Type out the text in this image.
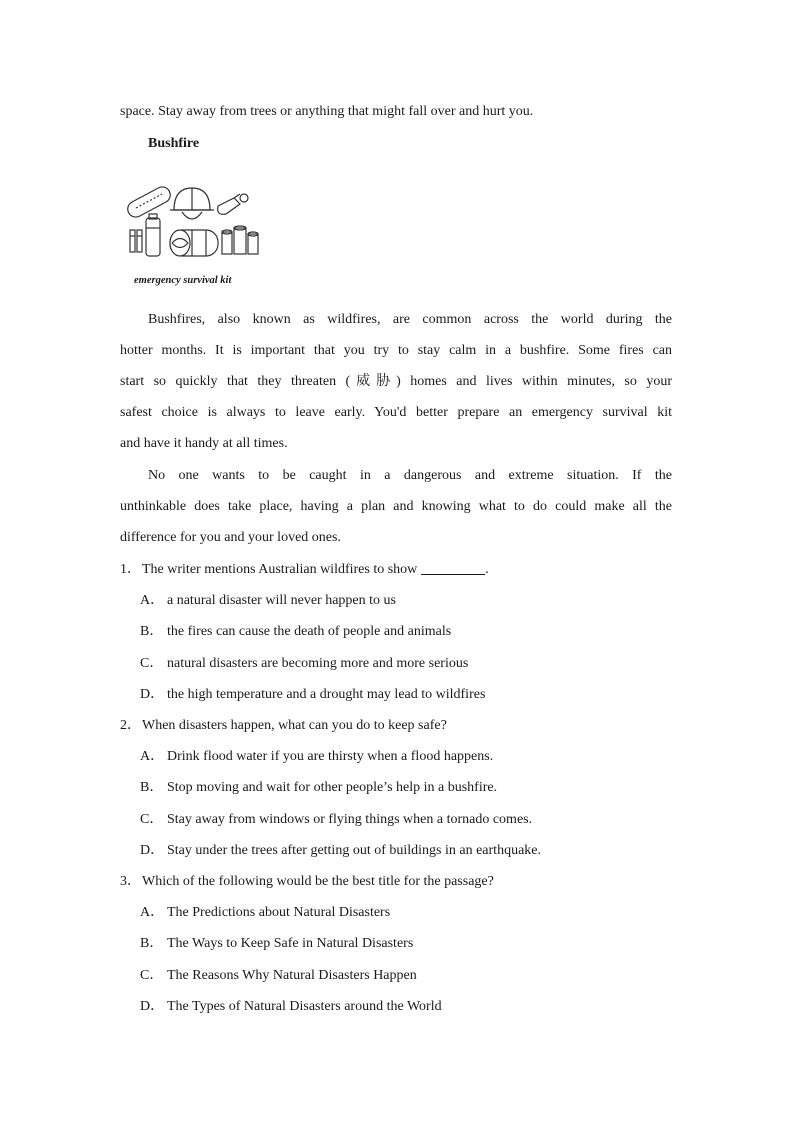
space. Stay away from trees or anything that might fall over and hurt you.
Bushfire
emergency survival kit
Bushfires, also known as wildfires, are common across the world during the
hotter months. It is important that you try to stay calm in a bushfire. Some fires can
start so quickly that they threaten (威胁) homes and lives within minutes, so your
safest choice is always to leave early. You'd better prepare an emergency survival kit
and have it handy at all times.
No one wants to be caught in a dangerous and extreme situation. If the
unthinkable does take place, having a plan and knowing what to do could make all the
difference for you and your loved ones.
1．The writer mentions Australian wildfires to show	.
A． a natural disaster will never happen to us
B． the fires can cause the death of people and animals
C． natural disasters are becoming more and more serious
D． the high temperature and a drought may lead to wildfires
2．When disasters happen, what can you do to keep safe?
A． Drink flood water if you are thirsty when a flood happens.
B． Stop moving and wait for other people’s help in a bushfire.
C． Stay away from windows or flying things when a tornado comes.
D． Stay under the trees after getting out of buildings in an earthquake.
3．Which of the following would be the best title for the passage?
A． The Predictions about Natural Disasters
B． The Ways to Keep Safe in Natural Disasters
C． The Reasons Why Natural Disasters Happen
D． The Types of Natural Disasters around the World
